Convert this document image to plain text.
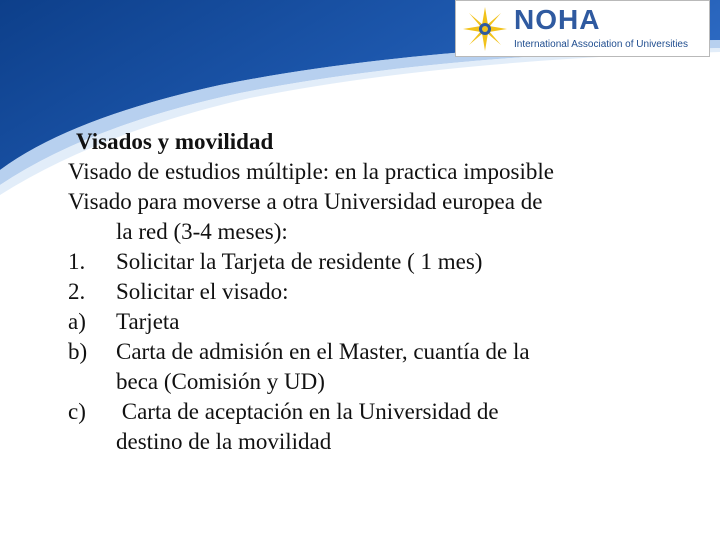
NOHA
International Association of Universities
Visados y movilidad
Visado de estudios múltiple: en la practica imposible
Visado para moverse a otra Universidad europea de
la red (3-4 meses):
1. Solicitar la Tarjeta de residente ( 1 mes)
2. Solicitar el visado:
a) Tarjeta
b) Carta de admisión en el Master, cuantía de la
beca (Comisión y UD)
c) Carta de aceptación en la Universidad de
destino de la movilidad
